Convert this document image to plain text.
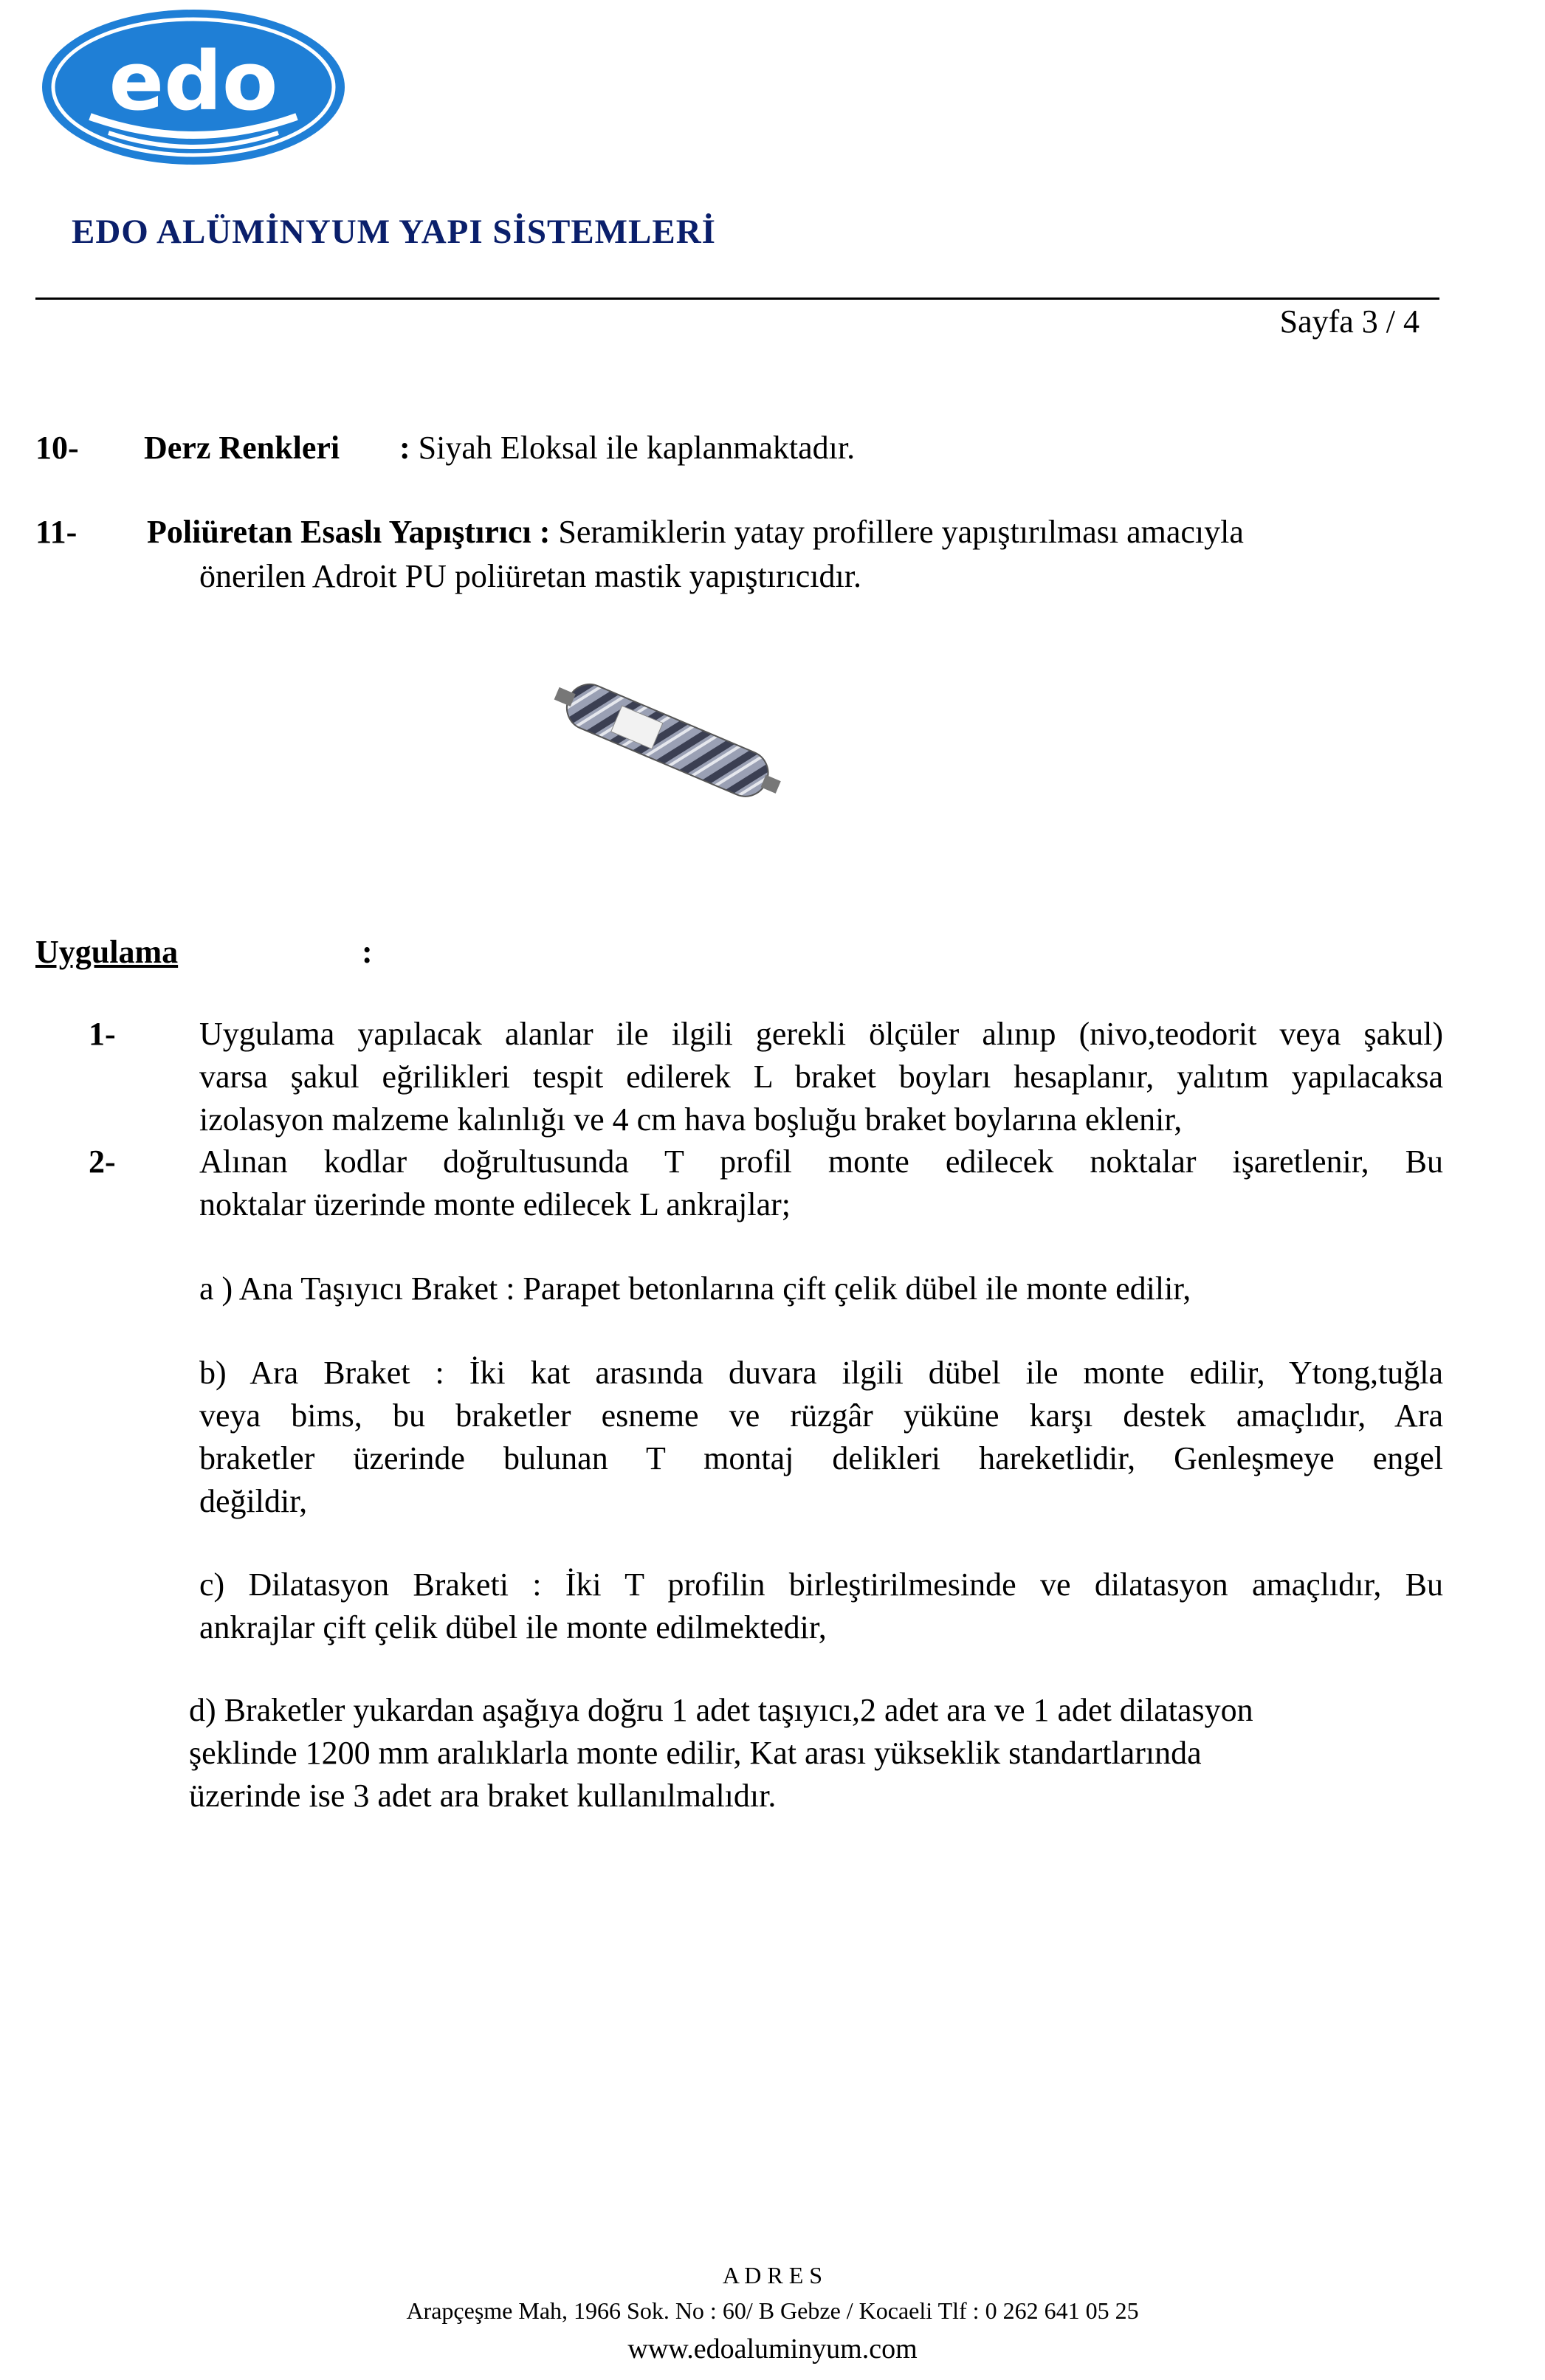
edo
EDO ALÜMİNYUM YAPI SİSTEMLERİ
Sayfa 3 / 4
10- Derz Renkleri : Siyah Eloksal ile kaplanmaktadır.
11- Poliüretan Esaslı Yapıştırıcı : Seramiklerin yatay profillere yapıştırılması amacıyla
önerilen Adroit PU poliüretan mastik yapıştırıcıdır.
Uygulama	:
1-	Uygulama yapılacak alanlar ile ilgili gerekli ölçüler alınıp (nivo,teodorit veya şakul)
varsa şakul eğrilikleri tespit edilerek L braket boyları hesaplanır, yalıtım yapılacaksa
izolasyon malzeme kalınlığı ve 4 cm hava boşluğu braket boylarına eklenir,
2-	Alınan kodlar doğrultusunda T profil monte edilecek noktalar işaretlenir, Bu
noktalar üzerinde monte edilecek L ankrajlar;
a ) Ana Taşıyıcı Braket : Parapet betonlarına çift çelik dübel ile monte edilir,
b) Ara Braket : İki kat arasında duvara ilgili dübel ile monte edilir, Ytong,tuğla
veya bims, bu braketler esneme ve rüzgâr yüküne karşı destek amaçlıdır, Ara
braketler üzerinde bulunan T montaj delikleri hareketlidir, Genleşmeye engel
değildir,
c) Dilatasyon Braketi : İki T profilin birleştirilmesinde ve dilatasyon amaçlıdır, Bu
ankrajlar çift çelik dübel ile monte edilmektedir,
d) Braketler yukardan aşağıya doğru 1 adet taşıyıcı,2 adet ara ve 1 adet dilatasyon
şeklinde 1200 mm aralıklarla monte edilir, Kat arası yükseklik standartlarında
üzerinde ise 3 adet ara braket kullanılmalıdır.
A D R E S
Arapçeşme Mah, 1966 Sok. No : 60/ B Gebze / Kocaeli Tlf : 0 262 641 05 25
www.edoaluminyum.com
